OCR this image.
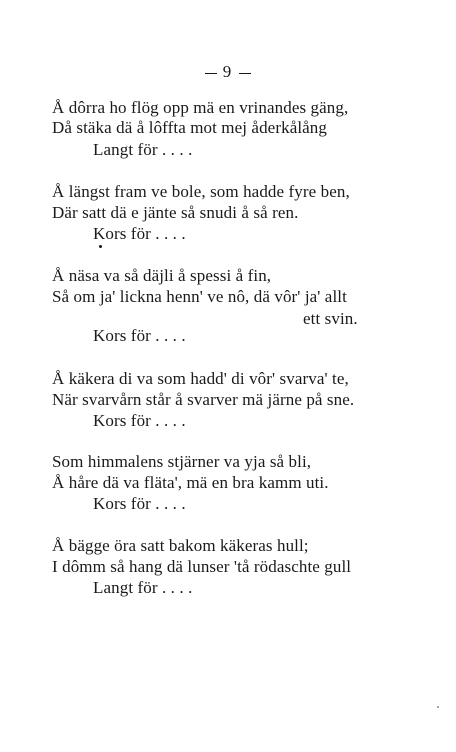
9
Å dôrra ho flög opp mä en vrinandes gäng,
Då stäka dä å lôffta mot mej åderkålång
Langt för . . . .
Å längst fram ve bole, som hadde fyre ben,
Där satt dä e jänte så snudi å så ren.
Kors för . . . .
Å näsa va så däjli å spessi å fin,
Så om ja' lickna henn' ve nô, dä vôr' ja' allt
ett svin.
Kors för . . . .
Å käkera di va som hadd' di vôr' svarva' te,
När svarvårn står å svarver mä järne på sne.
Kors för . . . .
Som himmalens stjärner va yja så bli,
Å håre dä va fläta', mä en bra kamm uti.
Kors för . . . .
Å bägge öra satt bakom käkeras hull;
I dômm så hang dä lunser 'tå rödaschte gull
Langt för . . . .
